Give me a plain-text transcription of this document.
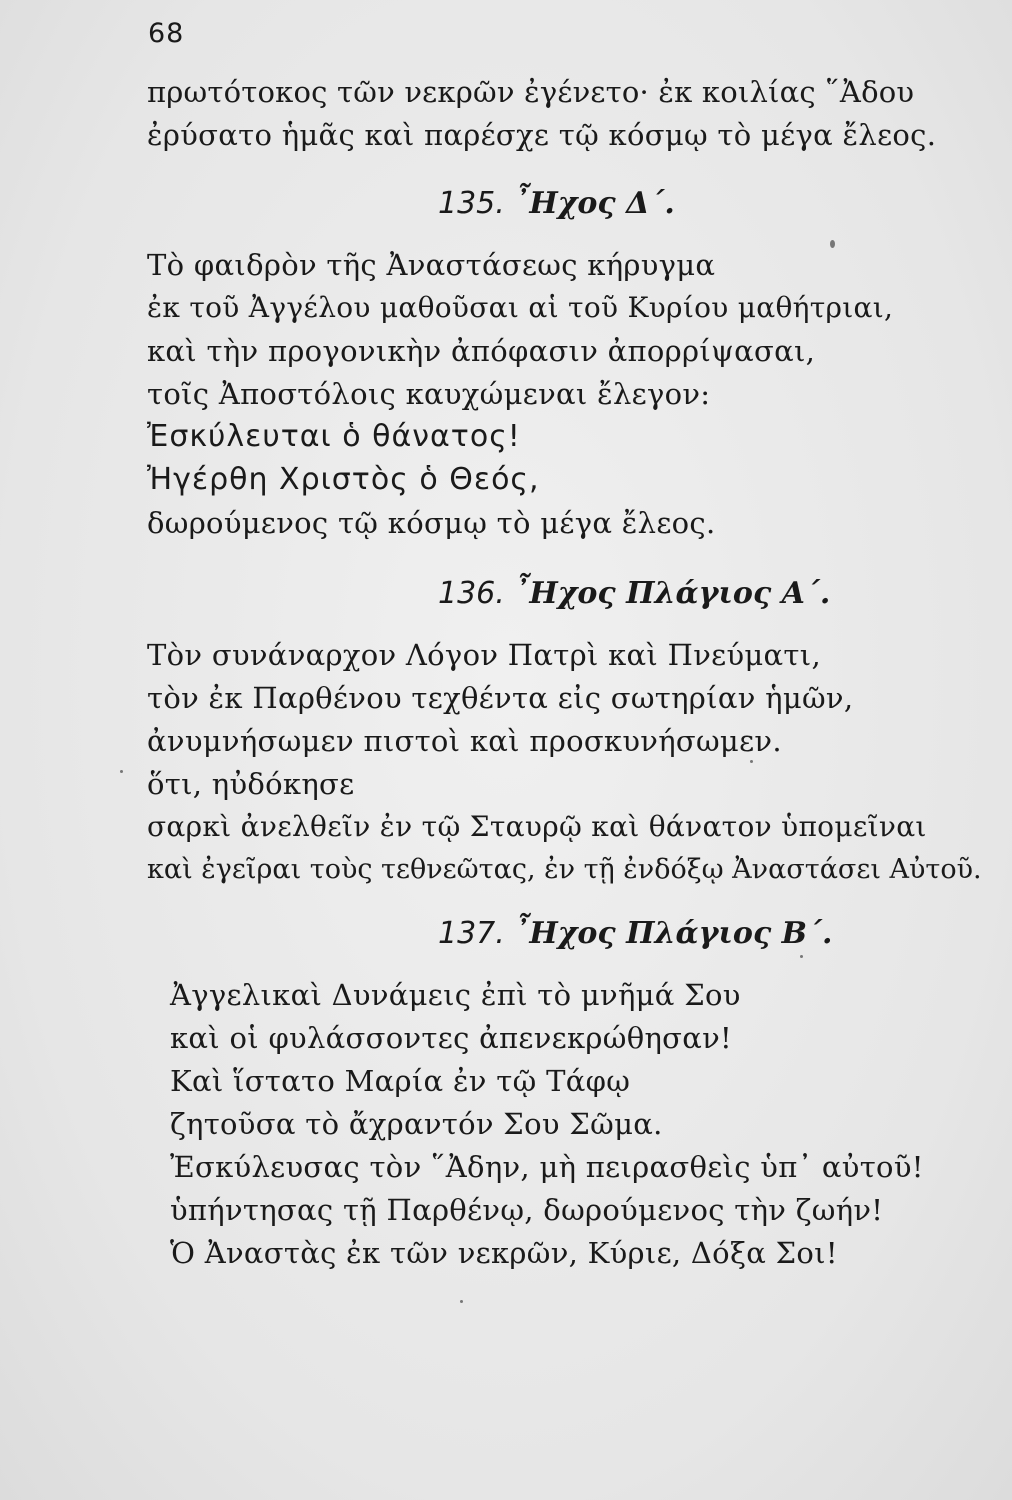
68
πρωτότοκος τῶν νεκρῶν ἐγένετο· ἐκ κοιλίας ῞Ἀδου
ἐρύσατο ἡμᾶς καὶ παρέσχε τῷ κόσμῳ τὸ μέγα ἔλεος.
135. ῏Ηχος Δ΄.
Τὸ φαιδρὸν τῆς Ἀναστάσεως κήρυγμα
ἐκ τοῦ Ἀγγέλου μαθοῦσαι αἱ τοῦ Κυρίου μαθήτριαι,
καὶ τὴν προγονικὴν ἀπόφασιν ἀπορρίψασαι,
τοῖς Ἀποστόλοις καυχώμεναι ἔλεγον:
Ἐσκύλευται ὁ θάνατος!
Ἠγέρθη Χριστὸς ὁ Θεός,
δωρούμενος τῷ κόσμῳ τὸ μέγα ἔλεος.
136. ῏Ηχος Πλάγιος Α΄.
Τὸν συνάναρχον Λόγον Πατρὶ καὶ Πνεύματι,
τὸν ἐκ Παρθένου τεχθέντα εἰς σωτηρίαν ἡμῶν,
ἀνυμνήσωμεν πιστοὶ καὶ προσκυνήσωμεν.
ὅτι, ηὐδόκησε
σαρκὶ ἀνελθεῖν ἐν τῷ Σταυρῷ καὶ θάνατον ὑπομεῖναι
καὶ ἐγεῖραι τοὺς τεθνεῶτας, ἐν τῇ ἐνδόξῳ Ἀναστάσει Αὐτοῦ.
137. ῏Ηχος Πλάγιος Β΄.
Ἀγγελικαὶ Δυνάμεις ἐπὶ τὸ μνῆμά Σου
καὶ οἱ φυλάσσοντες ἀπενεκρώθησαν!
Καὶ ἵστατο Μαρία ἐν τῷ Τάφῳ
ζητοῦσα τὸ ἄχραντόν Σου Σῶμα.
Ἐσκύλευσας τὸν ῞Ἀδην, μὴ πειρασθεὶς ὑπ᾿ αὐτοῦ!
ὑπήντησας τῇ Παρθένῳ, δωρούμενος τὴν ζωήν!
Ὁ Ἀναστὰς ἐκ τῶν νεκρῶν, Κύριε, Δόξα Σοι!
